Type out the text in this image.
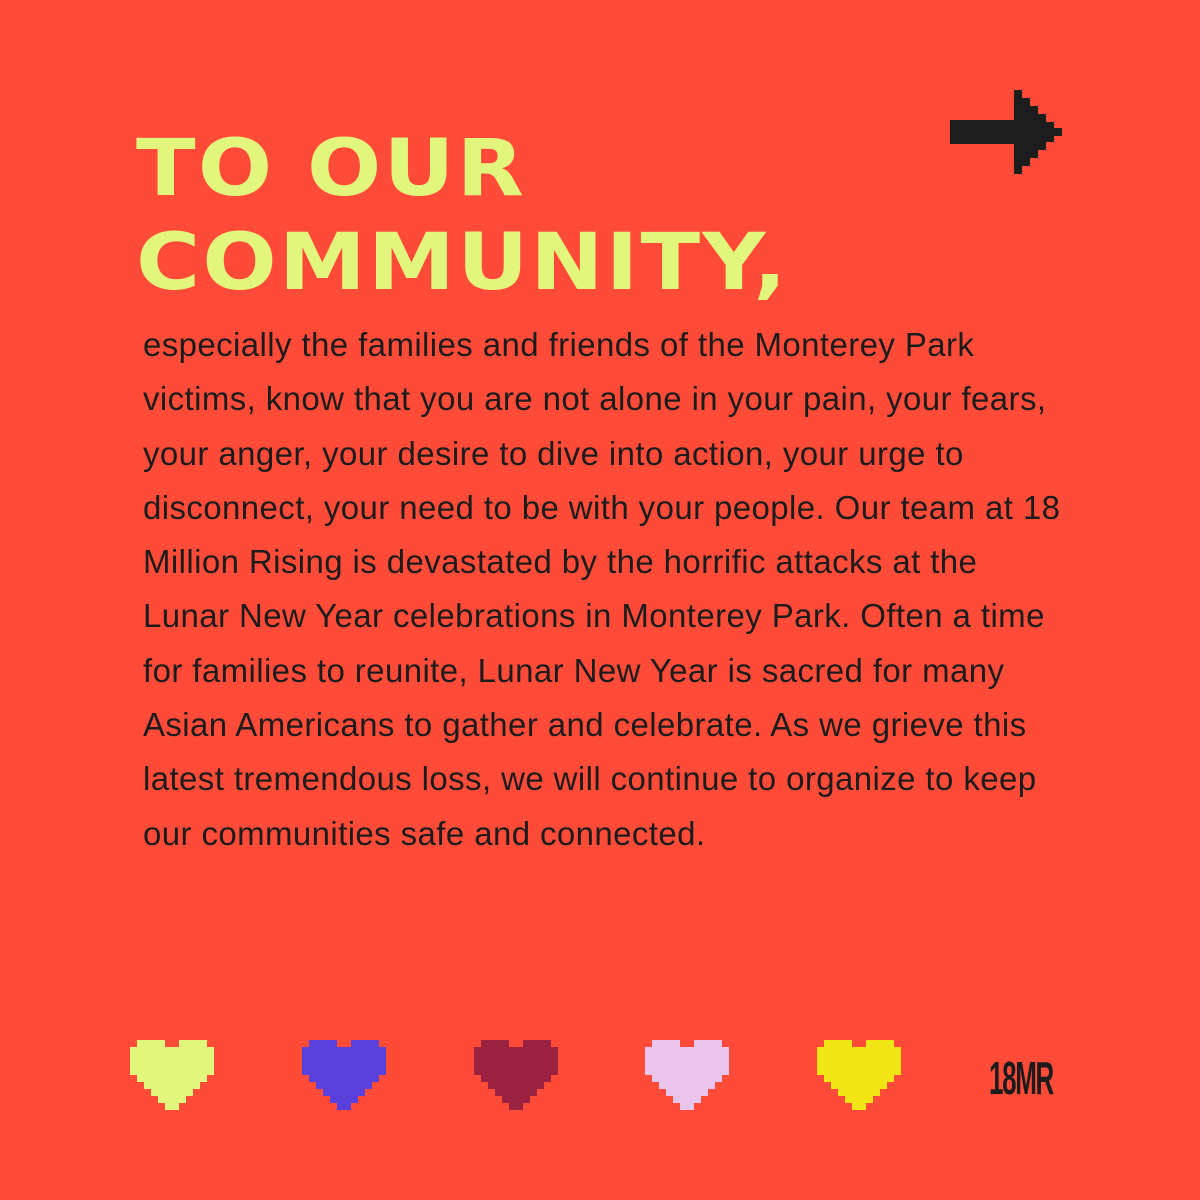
TO OUR
COMMUNITY,

especially the families and friends of the Monterey Park victims, know that you are not alone in your pain, your fears, your anger, your desire to dive into action, your urge to disconnect, your need to be with your people. Our team at 18 Million Rising is devastated by the horrific attacks at the Lunar New Year celebrations in Monterey Park. Often a time for families to reunite, Lunar New Year is sacred for many Asian Americans to gather and celebrate. As we grieve this latest tremendous loss, we will continue to organize to keep our communities safe and connected.

18MR
